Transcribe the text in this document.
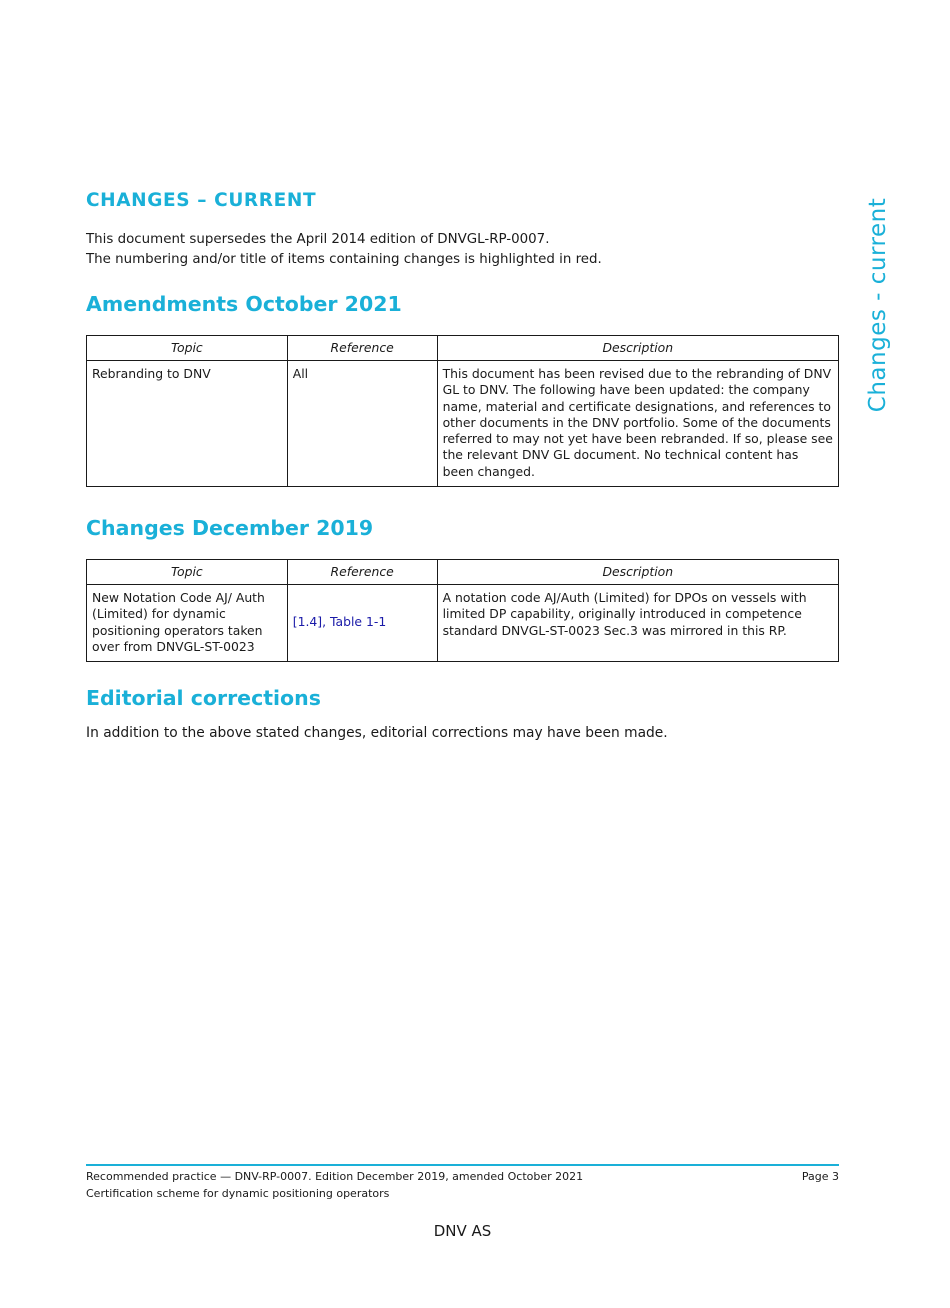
CHANGES – CURRENT

This document supersedes the April 2014 edition of DNVGL-RP-0007.

The numbering and/or title of items containing changes is highlighted in red.

Amendments October 2021
Topic	Reference	Description
Rebranding to DNV	All	This document has been revised due to the rebranding of DNV GL to DNV. The following have been updated: the company name, material and certificate designations, and references to other documents in the DNV portfolio. Some of the documents referred to may not yet have been rebranded. If so, please see the relevant DNV GL document. No technical content has been changed.
Changes December 2019
Topic	Reference	Description
New Notation Code AJ/ Auth (Limited) for dynamic positioning operators taken over from DNVGL-ST-0023	[1.4], Table 1-1	A notation code AJ/Auth (Limited) for DPOs on vessels with limited DP capability, originally introduced in competence standard DNVGL-ST-0023 Sec.3 was mirrored in this RP.
Editorial corrections

In addition to the above stated changes, editorial corrections may have been made.

Changes - current
Recommended practice — DNV-RP-0007. Edition December 2019, amended October 2021
Certification scheme for dynamic positioning operators
Page 3
DNV AS
